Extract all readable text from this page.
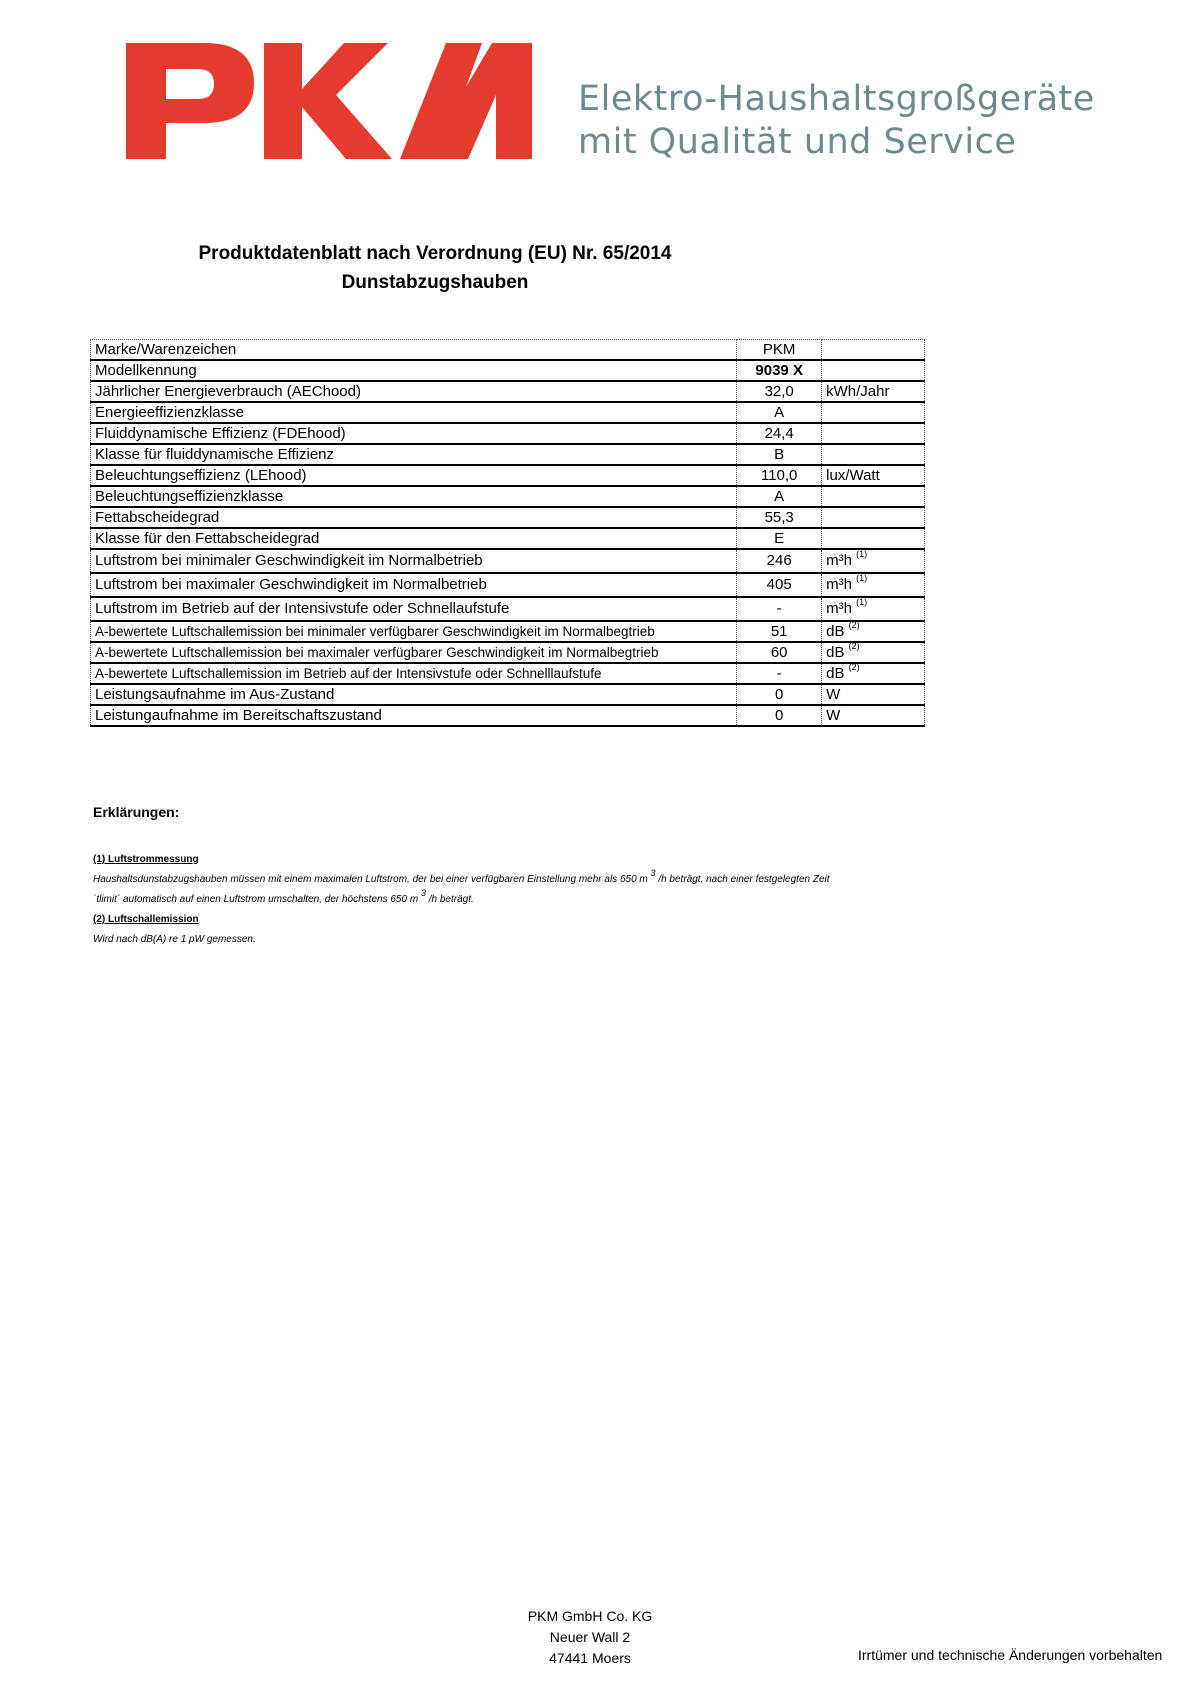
Elektro-Haushaltsgroßgeräte
mit Qualität und Service
Produktdatenblatt nach Verordnung (EU) Nr. 65/2014
Dunstabzugshauben
Marke/Warenzeichen	PKM	
Modellkennung	9039 X	
Jährlicher Energieverbrauch (AEChood)	32,0	kWh/Jahr
Energieeffizienzklasse	A	
Fluiddynamische Effizienz (FDEhood)	24,4	
Klasse für fluiddynamische Effizienz	B	
Beleuchtungseffizienz (LEhood)	110,0	lux/Watt
Beleuchtungseffizienzklasse	A	
Fettabscheidegrad	55,3	
Klasse für den Fettabscheidegrad	E	
Luftstrom bei minimaler Geschwindigkeit im Normalbetrieb	246	m³h $^{(1)}$
Luftstrom bei maximaler Geschwindigkeit im Normalbetrieb	405	m³h $^{(1)}$
Luftstrom im Betrieb auf der Intensivstufe oder Schnellaufstufe	-	m³h $^{(1)}$
A-bewertete Luftschallemission bei minimaler verfügbarer Geschwindigkeit im Normalbegtrieb	51	dB $^{(2)}$
A-bewertete Luftschallemission bei maximaler verfügbarer Geschwindigkeit im Normalbegtrieb	60	dB $^{(2)}$
A-bewertete Luftschallemission im Betrieb auf der Intensivstufe oder Schnelllaufstufe	-	dB $^{(2)}$
Leistungsaufnahme im Aus-Zustand	0	W
Leistungaufnahme im Bereitschaftszustand	0	W
Erklärungen:
(1) Luftstrommessung
Haushaltsdunstabzugshauben müssen mit einem maximalen Luftstrom, der bei einer verfügbaren Einstellung mehr als 650 m $^3$ /h beträgt, nach einer festgelegten Zeit
´tlimit´ automatisch auf einen Luftstrom umschalten, der höchstens 650 m $^3$ /h beträgt.
(2) Luftschallemission
Wird nach dB(A) re 1 pW gemessen.
PKM GmbH Co. KG
Neuer Wall 2
47441 Moers	Irrtümer und technische Änderungen vorbehalten
